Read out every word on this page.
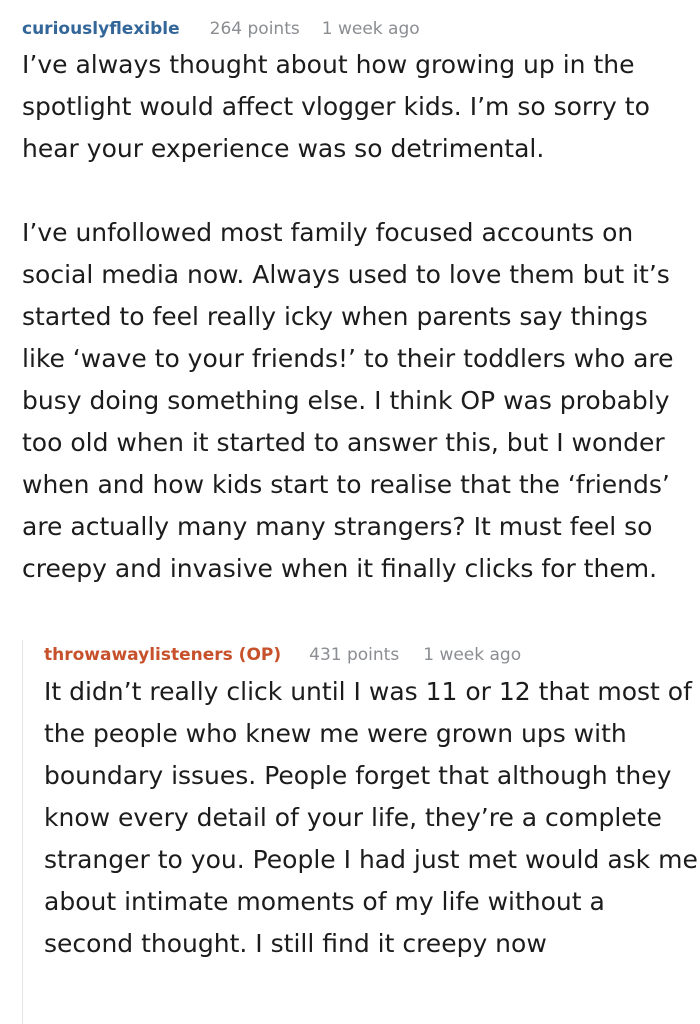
curiouslyflexible 264 points 1 week ago

I’ve always thought about how growing up in the spotlight would affect vlogger kids. I’m so sorry to hear your experience was so detrimental.

I’ve unfollowed most family focused accounts on social media now. Always used to love them but it’s started to feel really icky when parents say things like ‘wave to your friends!’ to their toddlers who are busy doing something else. I think OP was probably too old when it started to answer this, but I wonder when and how kids start to realise that the ‘friends’ are actually many many strangers? It must feel so creepy and invasive when it finally clicks for them.

throwawaylisteners (OP) 431 points 1 week ago

It didn’t really click until I was 11 or 12 that most of the people who knew me were grown ups with boundary issues. People forget that although they know every detail of your life, they’re a complete stranger to you. People I had just met would ask me about intimate moments of my life without a second thought. I still find it creepy now
